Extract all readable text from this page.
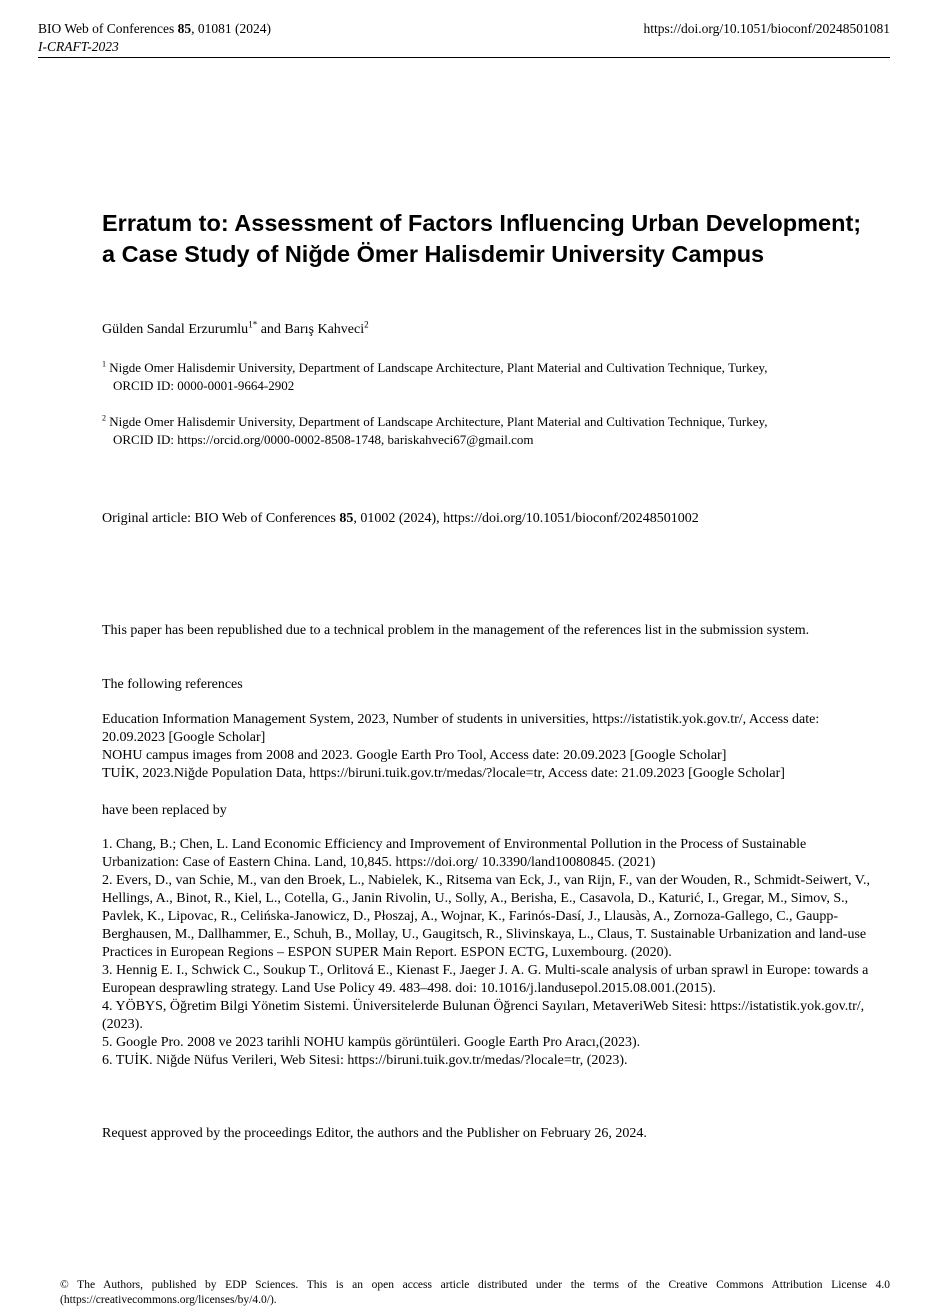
BIO Web of Conferences 85, 01081 (2024)
I-CRAFT-2023
https://doi.org/10.1051/bioconf/20248501081
Erratum to: Assessment of Factors Influencing Urban Development; a Case Study of Niğde Ömer Halisdemir University Campus
Gülden Sandal Erzurumlu$^{1*}$ and Barış Kahveci$^2$
$^1$ Nigde Omer Halisdemir University, Department of Landscape Architecture, Plant Material and Cultivation Technique, Turkey,
ORCID ID: 0000-0001-9664-2902
$^2$ Nigde Omer Halisdemir University, Department of Landscape Architecture, Plant Material and Cultivation Technique, Turkey,
ORCID ID: https://orcid.org/0000-0002-8508-1748, bariskahveci67@gmail.com
Original article: BIO Web of Conferences 85, 01002 (2024), https://doi.org/10.1051/bioconf/20248501002
This paper has been republished due to a technical problem in the management of the references list in the submission system.
The following references
Education Information Management System, 2023, Number of students in universities, https://istatistik.yok.gov.tr/, Access date: 20.09.2023 [Google Scholar]
NOHU campus images from 2008 and 2023. Google Earth Pro Tool, Access date: 20.09.2023 [Google Scholar]
TUİK, 2023.Niğde Population Data, https://biruni.tuik.gov.tr/medas/?locale=tr, Access date: 21.09.2023 [Google Scholar]
have been replaced by
1. Chang, B.; Chen, L. Land Economic Efficiency and Improvement of Environmental Pollution in the Process of Sustainable Urbanization: Case of Eastern China. Land, 10,845. https://doi.org/ 10.3390/land10080845. (2021)
2. Evers, D., van Schie, M., van den Broek, L., Nabielek, K., Ritsema van Eck, J., van Rijn, F., van der Wouden, R., Schmidt-Seiwert, V., Hellings, A., Binot, R., Kiel, L., Cotella, G., Janin Rivolin, U., Solly, A., Berisha, E., Casavola, D., Katurić, I., Gregar, M., Simov, S., Pavlek, K., Lipovac, R., Celińska-Janowicz, D., Płoszaj, A., Wojnar, K., Farinós-Dasí, J., Llausàs, A., Zornoza-Gallego, C., Gaupp-Berghausen, M., Dallhammer, E., Schuh, B., Mollay, U., Gaugitsch, R., Slivinskaya, L., Claus, T. Sustainable Urbanization and land-use Practices in European Regions – ESPON SUPER Main Report. ESPON ECTG, Luxembourg. (2020).
3. Hennig E. I., Schwick C., Soukup T., Orlitová E., Kienast F., Jaeger J. A. G. Multi-scale analysis of urban sprawl in Europe: towards a European desprawling strategy. Land Use Policy 49. 483–498. doi: 10.1016/j.landusepol.2015.08.001.(2015).
4. YÖBYS, Öğretim Bilgi Yönetim Sistemi. Üniversitelerde Bulunan Öğrenci Sayıları, MetaveriWeb Sitesi: https://istatistik.yok.gov.tr/, (2023).
5. Google Pro. 2008 ve 2023 tarihli NOHU kampüs görüntüleri. Google Earth Pro Aracı,(2023).
6. TUİK. Niğde Nüfus Verileri, Web Sitesi: https://biruni.tuik.gov.tr/medas/?locale=tr, (2023).
Request approved by the proceedings Editor, the authors and the Publisher on February 26, 2024.
© The Authors, published by EDP Sciences. This is an open access article distributed under the terms of the Creative Commons Attribution License 4.0 (https://creativecommons.org/licenses/by/4.0/).
